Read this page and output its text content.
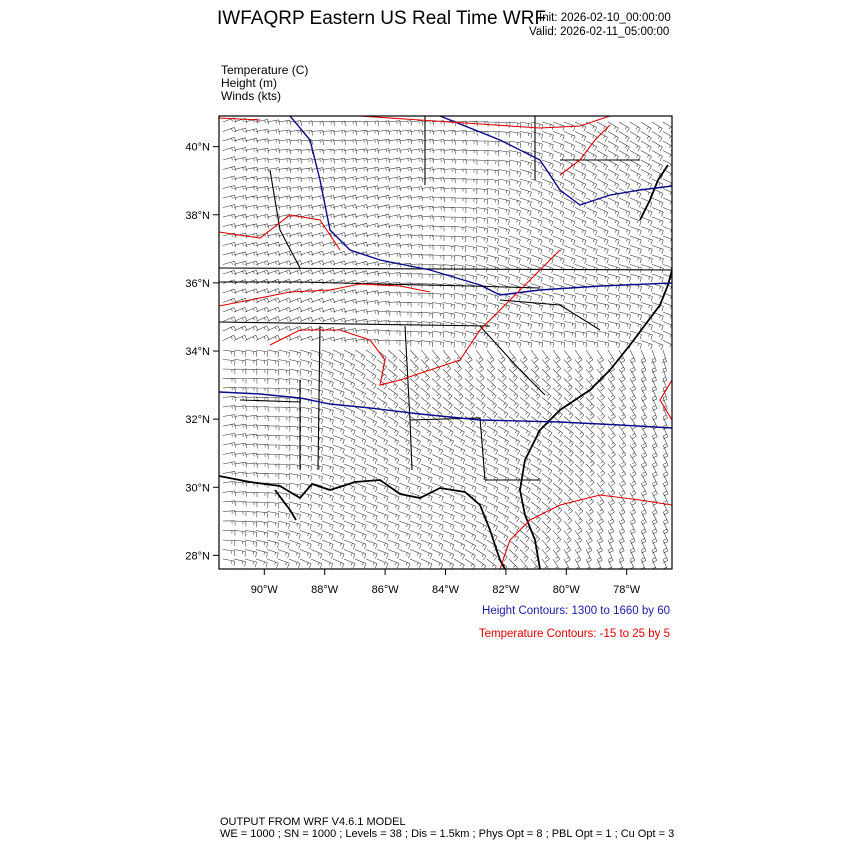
IWFAQRP Eastern US Real Time WRF
Init: 2026-02-10_00:00:00
Valid: 2026-02-11_05:00:00
Temperature (C)
Height (m)
Winds (kts)
40°N
38°N
36°N
34°N
32°N
30°N
28°N
90°W	88°W	86°W	84°W	82°W	80°W	78°W
Height Contours: 1300 to 1660 by 60
Temperature Contours: -15 to 25 by 5
OUTPUT FROM WRF V4.6.1 MODEL
WE = 1000 ; SN = 1000 ; Levels = 38 ; Dis = 1.5km ; Phys Opt = 8 ; PBL Opt = 1 ; Cu Opt = 3
